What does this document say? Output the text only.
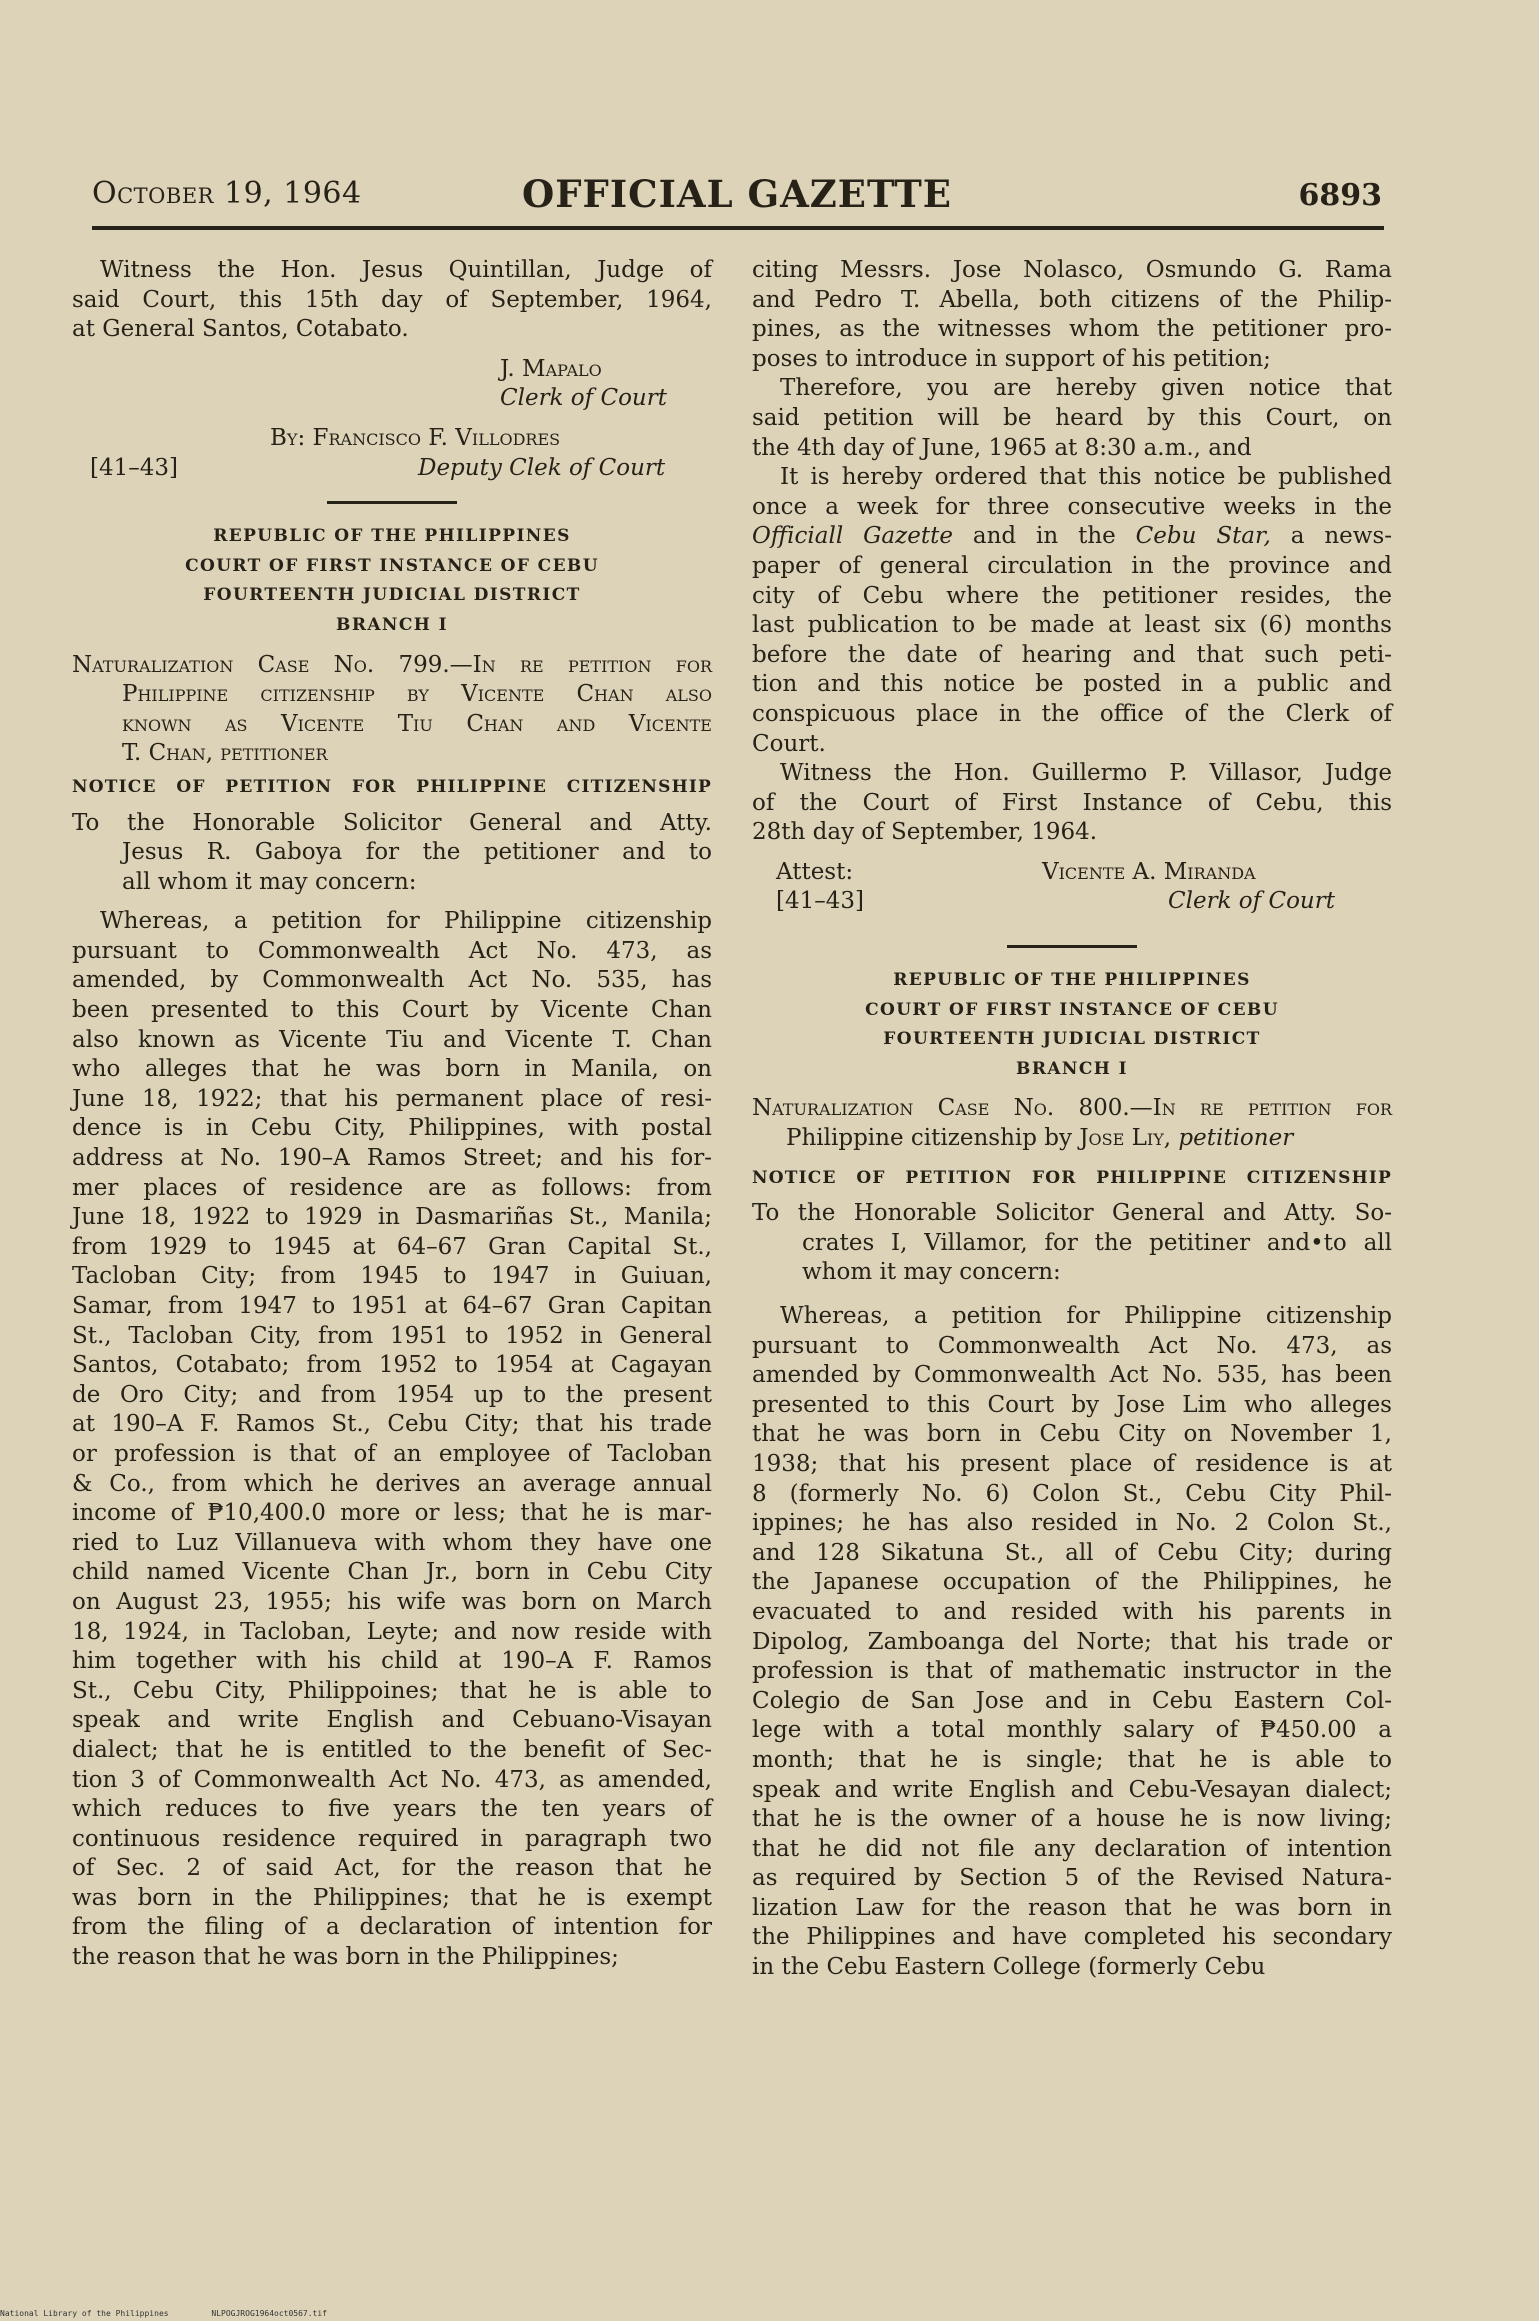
October 19, 1964	OFFICIAL GAZETTE	6893

Witness the Hon. Jesus Quintillan, Judge of

said Court, this 15th day of September, 1964,

at General Santos, Cotabato.

J. Mapalo
Clerk of Court
By: Francisco F. Villodres
[41–43]	Deputy Clek of Court

REPUBLIC OF THE PHILIPPINES

COURT OF FIRST INSTANCE OF CEBU

FOURTEENTH JUDICIAL DISTRICT

BRANCH I

Naturalization Case No. 799.—In re petition for

Philippine citizenship by Vicente Chan also

known as Vicente Tiu Chan and Vicente

T. Chan, petitioner

NOTICE OF PETITION FOR PHILIPPINE CITIZENSHIP

To the Honorable Solicitor General and Atty.

Jesus R. Gaboya for the petitioner and to

all whom it may concern:

Whereas, a petition for Philippine citizenship

pursuant to Commonwealth Act No. 473, as

amended, by Commonwealth Act No. 535, has

been presented to this Court by Vicente Chan

also known as Vicente Tiu and Vicente T. Chan

who alleges that he was born in Manila, on

June 18, 1922; that his permanent place of resi-

dence is in Cebu City, Philippines, with postal

address at No. 190–A Ramos Street; and his for-

mer places of residence are as follows: from

June 18, 1922 to 1929 in Dasmariñas St., Manila;

from 1929 to 1945 at 64–67 Gran Capital St.,

Tacloban City; from 1945 to 1947 in Guiuan,

Samar, from 1947 to 1951 at 64–67 Gran Capitan

St., Tacloban City, from 1951 to 1952 in General

Santos, Cotabato; from 1952 to 1954 at Cagayan

de Oro City; and from 1954 up to the present

at 190–A F. Ramos St., Cebu City; that his trade

or profession is that of an employee of Tacloban

& Co., from which he derives an average annual

income of ₱10,400.0 more or less; that he is mar-

ried to Luz Villanueva with whom they have one

child named Vicente Chan Jr., born in Cebu City

on August 23, 1955; his wife was born on March

18, 1924, in Tacloban, Leyte; and now reside with

him together with his child at 190–A F. Ramos

St., Cebu City, Philippoines; that he is able to

speak and write English and Cebuano-Visayan

dialect; that he is entitled to the benefit of Sec-

tion 3 of Commonwealth Act No. 473, as amended,

which reduces to five years the ten years of

continuous residence required in paragraph two

of Sec. 2 of said Act, for the reason that he

was born in the Philippines; that he is exempt

from the filing of a declaration of intention for

the reason that he was born in the Philippines;

citing Messrs. Jose Nolasco, Osmundo G. Rama

and Pedro T. Abella, both citizens of the Philip-

pines, as the witnesses whom the petitioner pro-

poses to introduce in support of his petition;

Therefore, you are hereby given notice that

said petition will be heard by this Court, on

the 4th day of June, 1965 at 8:30 a.m., and

It is hereby ordered that this notice be published

once a week for three consecutive weeks in the

Officiall Gazette and in the Cebu Star, a news-

paper of general circulation in the province and

city of Cebu where the petitioner resides, the

last publication to be made at least six (6) months

before the date of hearing and that such peti-

tion and this notice be posted in a public and

conspicuous place in the office of the Clerk of

Court.

Witness the Hon. Guillermo P. Villasor, Judge

of the Court of First Instance of Cebu, this

28th day of September, 1964.

Attest:	Vicente A. Miranda
[41–43]	Clerk of Court

REPUBLIC OF THE PHILIPPINES

COURT OF FIRST INSTANCE OF CEBU

FOURTEENTH JUDICIAL DISTRICT

BRANCH I

Naturalization Case No. 800.—In re petition for

Philippine citizenship by Jose Liy, petitioner

NOTICE OF PETITION FOR PHILIPPINE CITIZENSHIP

To the Honorable Solicitor General and Atty. So-

crates I, Villamor, for the petitiner and•to all

whom it may concern:

Whereas, a petition for Philippine citizenship

pursuant to Commonwealth Act No. 473, as

amended by Commonwealth Act No. 535, has been

presented to this Court by Jose Lim who alleges

that he was born in Cebu City on November 1,

1938; that his present place of residence is at

8 (formerly No. 6) Colon St., Cebu City Phil-

ippines; he has also resided in No. 2 Colon St.,

and 128 Sikatuna St., all of Cebu City; during

the Japanese occupation of the Philippines, he

evacuated to and resided with his parents in

Dipolog, Zamboanga del Norte; that his trade or

profession is that of mathematic instructor in the

Colegio de San Jose and in Cebu Eastern Col-

lege with a total monthly salary of ₱450.00 a

month; that he is single; that he is able to

speak and write English and Cebu-Vesayan dialect;

that he is the owner of a house he is now living;

that he did not file any declaration of intention

as required by Section 5 of the Revised Natura-

lization Law for the reason that he was born in

the Philippines and have completed his secondary

in the Cebu Eastern College (formerly Cebu

National Library of the Philippines	NLPOGJROG1964oct0567.tif
